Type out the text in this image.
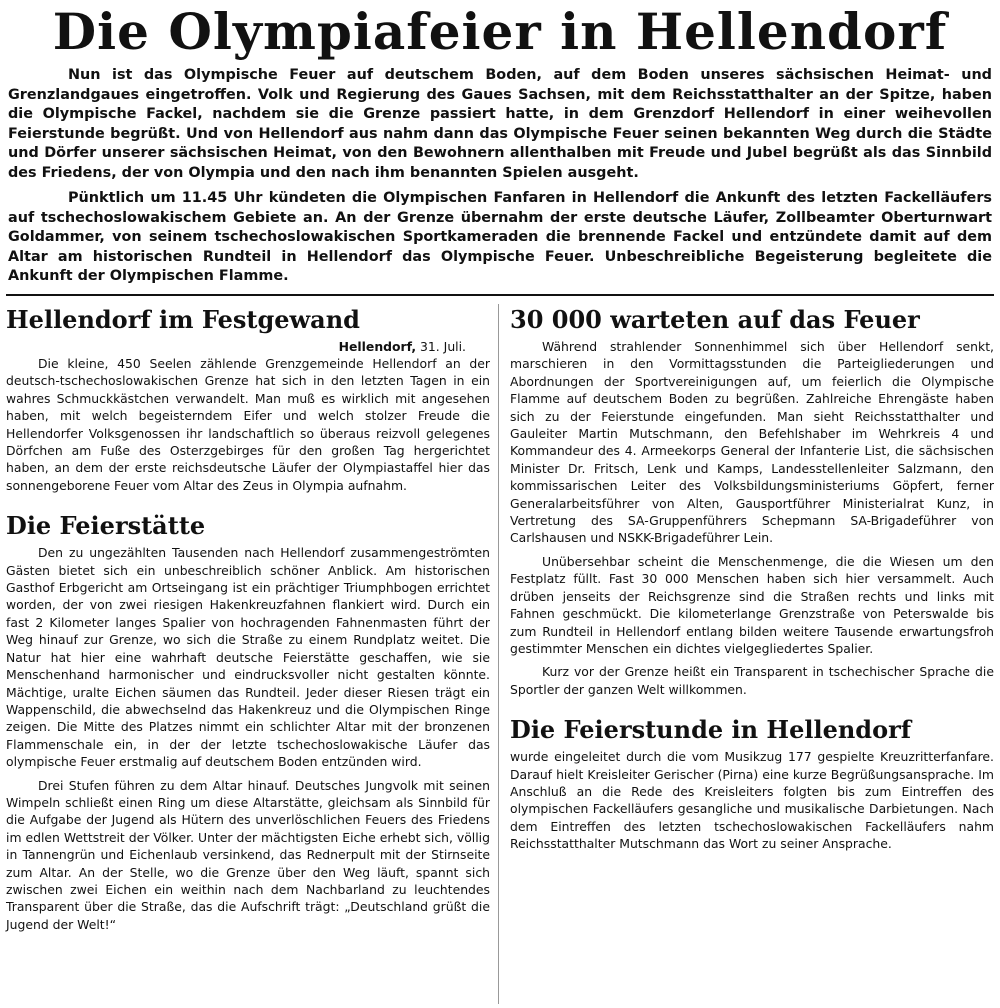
Die Olympiafeier in Hellendorf

Nun ist das Olympische Feuer auf deutschem Boden, auf dem Boden unseres sächsischen Heimat- und Grenzlandgaues eingetroffen. Volk und Regierung des Gaues Sachsen, mit dem Reichsstatthalter an der Spitze, haben die Olympische Fackel, nachdem sie die Grenze passiert hatte, in dem Grenzdorf Hellendorf in einer weihevollen Feierstunde begrüßt. Und von Hellendorf aus nahm dann das Olympische Feuer seinen bekannten Weg durch die Städte und Dörfer unserer sächsischen Heimat, von den Bewohnern allenthalben mit Freude und Jubel begrüßt als das Sinnbild des Friedens, der von Olympia und den nach ihm benannten Spielen ausgeht.

Pünktlich um 11.45 Uhr kündeten die Olympischen Fanfaren in Hellendorf die Ankunft des letzten Fackelläufers auf tschechoslowakischem Gebiete an. An der Grenze übernahm der erste deutsche Läufer, Zollbeamter Oberturnwart Goldammer, von seinem tschechoslowakischen Sportkameraden die brennende Fackel und entzündete damit auf dem Altar am historischen Rundteil in Hellendorf das Olympische Feuer. Unbeschreibliche Begeisterung begleitete die Ankunft der Olympischen Flamme.

Hellendorf im Festgewand
Hellendorf, 31. Juli.

Die kleine, 450 Seelen zählende Grenzgemeinde Hellendorf an der deutsch-tschechoslowakischen Grenze hat sich in den letzten Tagen in ein wahres Schmuckkästchen verwandelt. Man muß es wirklich mit angesehen haben, mit welch begeisterndem Eifer und welch stolzer Freude die Hellendorfer Volksgenossen ihr landschaftlich so überaus reizvoll gelegenes Dörfchen am Fuße des Osterzgebirges für den großen Tag hergerichtet haben, an dem der erste reichsdeutsche Läufer der Olympiastaffel hier das sonnengeborene Feuer vom Altar des Zeus in Olympia aufnahm.

Die Feierstätte

Den zu ungezählten Tausenden nach Hellendorf zusammengeströmten Gästen bietet sich ein unbeschreiblich schöner Anblick. Am historischen Gasthof Erbgericht am Ortseingang ist ein prächtiger Triumphbogen errichtet worden, der von zwei riesigen Hakenkreuzfahnen flankiert wird. Durch ein fast 2 Kilometer langes Spalier von hochragenden Fahnenmasten führt der Weg hinauf zur Grenze, wo sich die Straße zu einem Rundplatz weitet. Die Natur hat hier eine wahrhaft deutsche Feierstätte geschaffen, wie sie Menschenhand harmonischer und eindrucksvoller nicht gestalten könnte. Mächtige, uralte Eichen säumen das Rundteil. Jeder dieser Riesen trägt ein Wappenschild, die abwechselnd das Hakenkreuz und die Olympischen Ringe zeigen. Die Mitte des Platzes nimmt ein schlichter Altar mit der bronzenen Flammenschale ein, in der der letzte tschechoslowakische Läufer das olympische Feuer erstmalig auf deutschem Boden entzünden wird.

Drei Stufen führen zu dem Altar hinauf. Deutsches Jungvolk mit seinen Wimpeln schließt einen Ring um diese Altarstätte, gleichsam als Sinnbild für die Aufgabe der Jugend als Hütern des unverlöschlichen Feuers des Friedens im edlen Wettstreit der Völker. Unter der mächtigsten Eiche erhebt sich, völlig in Tannengrün und Eichenlaub versinkend, das Rednerpult mit der Stirnseite zum Altar. An der Stelle, wo die Grenze über den Weg läuft, spannt sich zwischen zwei Eichen ein weithin nach dem Nachbarland zu leuchtendes Transparent über die Straße, das die Aufschrift trägt: „Deutschland grüßt die Jugend der Welt!“

30 000 warteten auf das Feuer

Während strahlender Sonnenhimmel sich über Hellendorf senkt, marschieren in den Vormittagsstunden die Parteigliederungen und Abordnungen der Sportvereinigungen auf, um feierlich die Olympische Flamme auf deutschem Boden zu begrüßen. Zahlreiche Ehrengäste haben sich zu der Feierstunde eingefunden. Man sieht Reichsstatthalter und Gauleiter Martin Mutschmann, den Befehlshaber im Wehrkreis 4 und Kommandeur des 4. Armeekorps General der Infanterie List, die sächsischen Minister Dr. Fritsch, Lenk und Kamps, Landesstellenleiter Salzmann, den kommissarischen Leiter des Volksbildungsministeriums Göpfert, ferner Generalarbeitsführer von Alten, Gausportführer Ministerialrat Kunz, in Vertretung des SA-Gruppenführers Schepmann SA-Brigadeführer von Carlshausen und NSKK-Brigadeführer Lein.

Unübersehbar scheint die Menschenmenge, die die Wiesen um den Festplatz füllt. Fast 30 000 Menschen haben sich hier versammelt. Auch drüben jenseits der Reichsgrenze sind die Straßen rechts und links mit Fahnen geschmückt. Die kilometerlange Grenzstraße von Peterswalde bis zum Rundteil in Hellendorf entlang bilden weitere Tausende erwartungsfroh gestimmter Menschen ein dichtes vielgegliedertes Spalier.

Kurz vor der Grenze heißt ein Transparent in tschechischer Sprache die Sportler der ganzen Welt willkommen.

Die Feierstunde in Hellendorf

wurde eingeleitet durch die vom Musikzug 177 gespielte Kreuzritterfanfare. Darauf hielt Kreisleiter Gerischer (Pirna) eine kurze Begrüßungsansprache. Im Anschluß an die Rede des Kreisleiters folgten bis zum Eintreffen des olympischen Fackelläufers gesangliche und musikalische Darbietungen. Nach dem Eintreffen des letzten tschechoslowakischen Fackelläufers nahm Reichsstatthalter Mutschmann das Wort zu seiner Ansprache.
